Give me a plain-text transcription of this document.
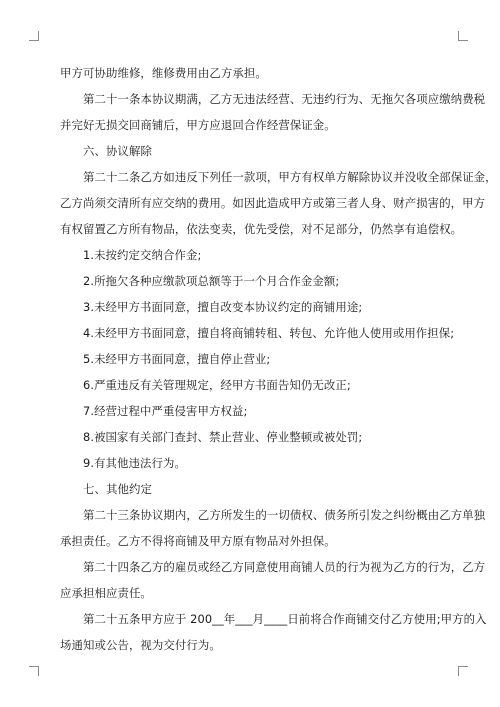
甲方可协助维修，维修费用由乙方承担。
第二十一条本协议期满，乙方无违法经营、无违约行为、无拖欠各项应缴纳费税
并完好无损交回商铺后，甲方应退回合作经营保证金。
六、协议解除
第二十二条乙方如违反下列任一款项，甲方有权单方解除协议并没收全部保证金，
乙方尚须交清所有应交纳的费用。如因此造成甲方或第三者人身、财产损害的，甲方
有权留置乙方所有物品，依法变卖，优先受偿，对不足部分，仍然享有追偿权。
1.未按约定交纳合作金;
2.所拖欠各种应缴款项总额等于一个月合作金金额;
3.未经甲方书面同意，擅自改变本协议约定的商铺用途;
4.未经甲方书面同意，擅自将商铺转租、转包、允许他人使用或用作担保;
5.未经甲方书面同意，擅自停止营业;
6.严重违反有关管理规定，经甲方书面告知仍无改正;
7.经营过程中严重侵害甲方权益;
8.被国家有关部门查封、禁止营业、停业整顿或被处罚;
9.有其他违法行为。
七、其他约定
第二十三条协议期内，乙方所发生的一切债权、债务所引发之纠纷概由乙方单独
承担责任。乙方不得将商铺及甲方原有物品对外担保。
第二十四条乙方的雇员或经乙方同意使用商铺人员的行为视为乙方的行为，乙方
应承担相应责任。
第二十五条甲方应于 200__年___月____日前将合作商铺交付乙方使用;甲方的入
场通知或公告，视为交付行为。
